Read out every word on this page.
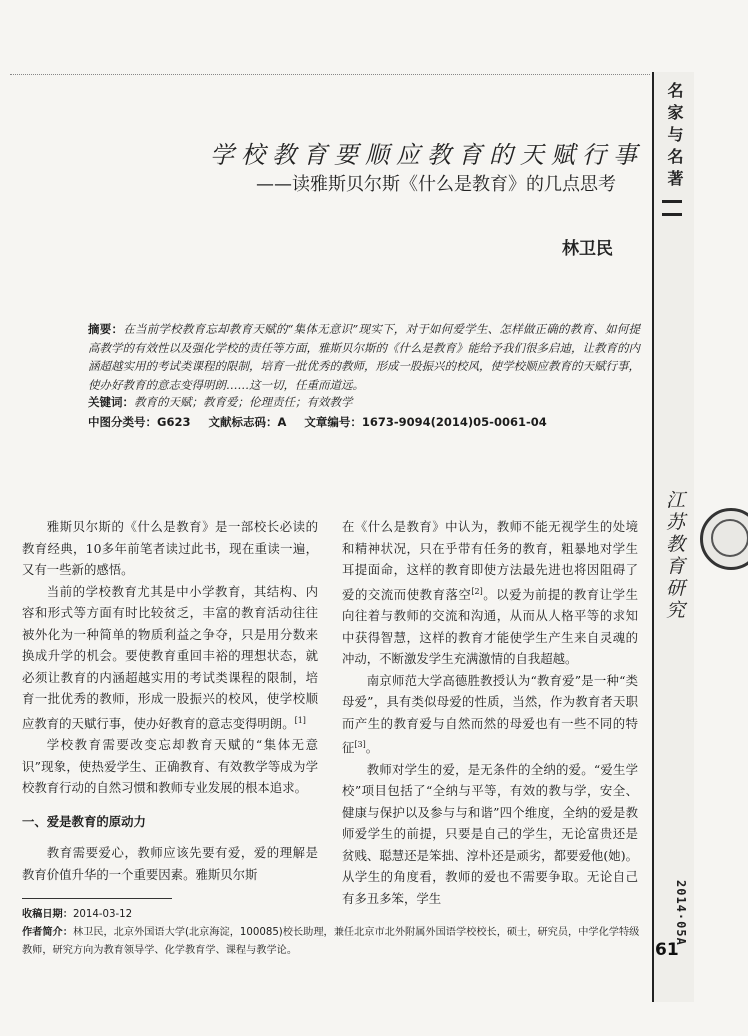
名家与名著
江苏教育研究
2014·05A
61
学校教育要顺应教育的天赋行事
——读雅斯贝尔斯《什么是教育》的几点思考
林卫民
摘要：在当前学校教育忘却教育天赋的“集体无意识”现实下，对于如何爱学生、怎样做正确的教育、如何提高教学的有效性以及强化学校的责任等方面，雅斯贝尔斯的《什么是教育》能给予我们很多启迪，让教育的内涵超越实用的考试类课程的限制，培育一批优秀的教师，形成一股振兴的校风，使学校顺应教育的天赋行事，使办好教育的意志变得明朗……这一切，任重而道远。
关键词：教育的天赋；教育爱；伦理责任；有效教学
中图分类号：G623 文献标志码：A 文章编号：1673-9094(2014)05-0061-04

雅斯贝尔斯的《什么是教育》是一部校长必读的教育经典，10多年前笔者读过此书，现在重读一遍，又有一些新的感悟。

当前的学校教育尤其是中小学教育，其结构、内容和形式等方面有时比较贫乏，丰富的教育活动往往被外化为一种简单的物质利益之争夺，只是用分数来换成升学的机会。要使教育重回丰裕的理想状态，就必须让教育的内涵超越实用的考试类课程的限制，培育一批优秀的教师，形成一股振兴的校风，使学校顺应教育的天赋行事，使办好教育的意志变得明朗。[1]

学校教育需要改变忘却教育天赋的“集体无意识”现象，使热爱学生、正确教育、有效教学等成为学校教育行动的自然习惯和教师专业发展的根本追求。

一、爱是教育的原动力

教育需要爱心，教师应该先要有爱，爱的理解是教育价值升华的一个重要因素。雅斯贝尔斯

在《什么是教育》中认为，教师不能无视学生的处境和精神状况，只在乎带有任务的教育，粗暴地对学生耳提面命，这样的教育即使方法最先进也将因阻碍了爱的交流而使教育落空[2]。以爱为前提的教育让学生向往着与教师的交流和沟通，从而从人格平等的求知中获得智慧，这样的教育才能使学生产生来自灵魂的冲动，不断激发学生充满激情的自我超越。

南京师范大学高德胜教授认为“教育爱”是一种“类母爱”，具有类似母爱的性质，当然，作为教育者天职而产生的教育爱与自然而然的母爱也有一些不同的特征[3]。

教师对学生的爱，是无条件的全纳的爱。“爱生学校”项目包括了“全纳与平等，有效的教与学，安全、健康与保护以及参与与和谐”四个维度，全纳的爱是教师爱学生的前提，只要是自己的学生，无论富贵还是贫贱、聪慧还是笨拙、淳朴还是顽劣，都要爱他(她)。从学生的角度看，教师的爱也不需要争取。无论自己有多丑多笨，学生

收稿日期：2014-03-12
作者简介：林卫民，北京外国语大学(北京海淀，100085)校长助理，兼任北京市北外附属外国语学校校长，硕士，研究员，中学化学特级教师，研究方向为教育领导学、化学教育学、课程与教学论。
